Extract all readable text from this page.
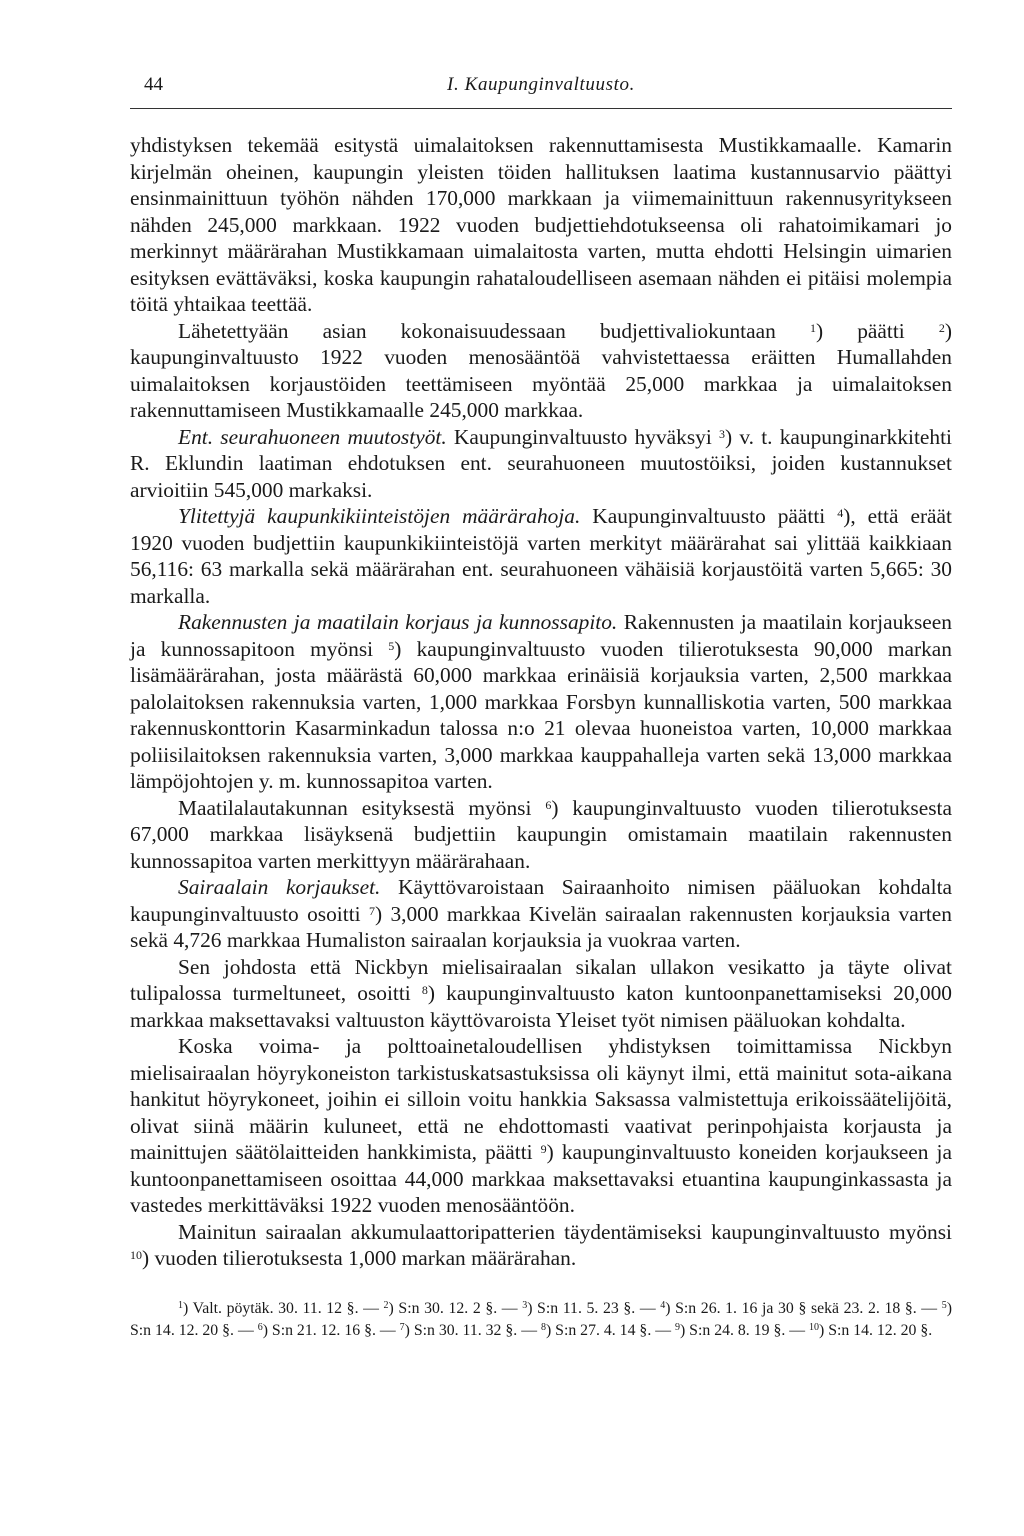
44	I. Kaupunginvaltuusto.

yhdistyksen tekemää esitystä uimalaitoksen rakennuttamisesta Mustikkamaalle. Kamarin kirjelmän oheinen, kaupungin yleisten töiden hallituksen laatima kustannusarvio päättyi ensinmainittuun työhön nähden 170,000 markkaan ja viimemainittuun rakennusyritykseen nähden 245,000 markkaan. 1922 vuoden budjettiehdotukseensa oli rahatoimikamari jo merkinnyt määrärahan Mustikkamaan uimalaitosta varten, mutta ehdotti Helsingin uimarien esityksen evättäväksi, koska kaupungin rahataloudelliseen asemaan nähden ei pitäisi molempia töitä yhtaikaa teettää.

Lähetettyään asian kokonaisuudessaan budjettivaliokuntaan $^1$) päätti $^2$) kaupunginvaltuusto 1922 vuoden menosääntöä vahvistettaessa eräitten Humallahden uimalaitoksen korjaustöiden teettämiseen myöntää 25,000 markkaa ja uimalaitoksen rakennuttamiseen Mustikkamaalle 245,000 markkaa.

Ent. seurahuoneen muutostyöt. Kaupunginvaltuusto hyväksyi $^3$) v. t. kaupunginarkkitehti R. Eklundin laatiman ehdotuksen ent. seurahuoneen muutostöiksi, joiden kustannukset arvioitiin 545,000 markaksi.

Ylitettyjä kaupunkikiinteistöjen määrärahoja. Kaupunginvaltuusto päätti $^4$), että eräät 1920 vuoden budjettiin kaupunkikiinteistöjä varten merkityt määrärahat sai ylittää kaikkiaan 56,116: 63 markalla sekä määrärahan ent. seurahuoneen vähäisiä korjaustöitä varten 5,665: 30 markalla.

Rakennusten ja maatilain korjaus ja kunnossapito. Rakennusten ja maatilain korjaukseen ja kunnossapitoon myönsi $^5$) kaupunginvaltuusto vuoden tilierotuksesta 90,000 markan lisämäärärahan, josta määrästä 60,000 markkaa erinäisiä korjauksia varten, 2,500 markkaa palolaitoksen rakennuksia varten, 1,000 markkaa Forsbyn kunnalliskotia varten, 500 markkaa rakennuskonttorin Kasarminkadun talossa n:o 21 olevaa huoneistoa varten, 10,000 markkaa poliisilaitoksen rakennuksia varten, 3,000 markkaa kauppahalleja varten sekä 13,000 markkaa lämpöjohtojen y. m. kunnossapitoa varten.

Maatilalautakunnan esityksestä myönsi $^6$) kaupunginvaltuusto vuoden tilierotuksesta 67,000 markkaa lisäyksenä budjettiin kaupungin omistamain maatilain rakennusten kunnossapitoa varten merkittyyn määrärahaan.

Sairaalain korjaukset. Käyttövaroistaan Sairaanhoito nimisen pääluokan kohdalta kaupunginvaltuusto osoitti $^7$) 3,000 markkaa Kivelän sairaalan rakennusten korjauksia varten sekä 4,726 markkaa Humaliston sairaalan korjauksia ja vuokraa varten.

Sen johdosta että Nickbyn mielisairaalan sikalan ullakon vesikatto ja täyte olivat tulipalossa turmeltuneet, osoitti $^8$) kaupunginvaltuusto katon kuntoonpanettamiseksi 20,000 markkaa maksettavaksi valtuuston käyttövaroista Yleiset työt nimisen pääluokan kohdalta.

Koska voima- ja polttoainetaloudellisen yhdistyksen toimittamissa Nickbyn mielisairaalan höyrykoneiston tarkistuskatsastuksissa oli käynyt ilmi, että mainitut sota-aikana hankitut höyrykoneet, joihin ei silloin voitu hankkia Saksassa valmistettuja erikoissäätelijöitä, olivat siinä määrin kuluneet, että ne ehdottomasti vaativat perinpohjaista korjausta ja mainittujen säätölaitteiden hankkimista, päätti $^9$) kaupunginvaltuusto koneiden korjaukseen ja kuntoonpanettamiseen osoittaa 44,000 markkaa maksettavaksi etuantina kaupunginkassasta ja vastedes merkittäväksi 1922 vuoden menosääntöön.

Mainitun sairaalan akkumulaattoripatterien täydentämiseksi kaupunginvaltuusto myönsi $^{10}$) vuoden tilierotuksesta 1,000 markan määrärahan.

$^1$) Valt. pöytäk. 30. 11. 12 §. — $^2$) S:n 30. 12. 2 §. — $^3$) S:n 11. 5. 23 §. — $^4$) S:n 26. 1. 16 ja 30 § sekä 23. 2. 18 §. — $^5$) S:n 14. 12. 20 §. — $^6$) S:n 21. 12. 16 §. — $^7$) S:n 30. 11. 32 §. — $^8$) S:n 27. 4. 14 §. — $^9$) S:n 24. 8. 19 §. — $^{10}$) S:n 14. 12. 20 §.
